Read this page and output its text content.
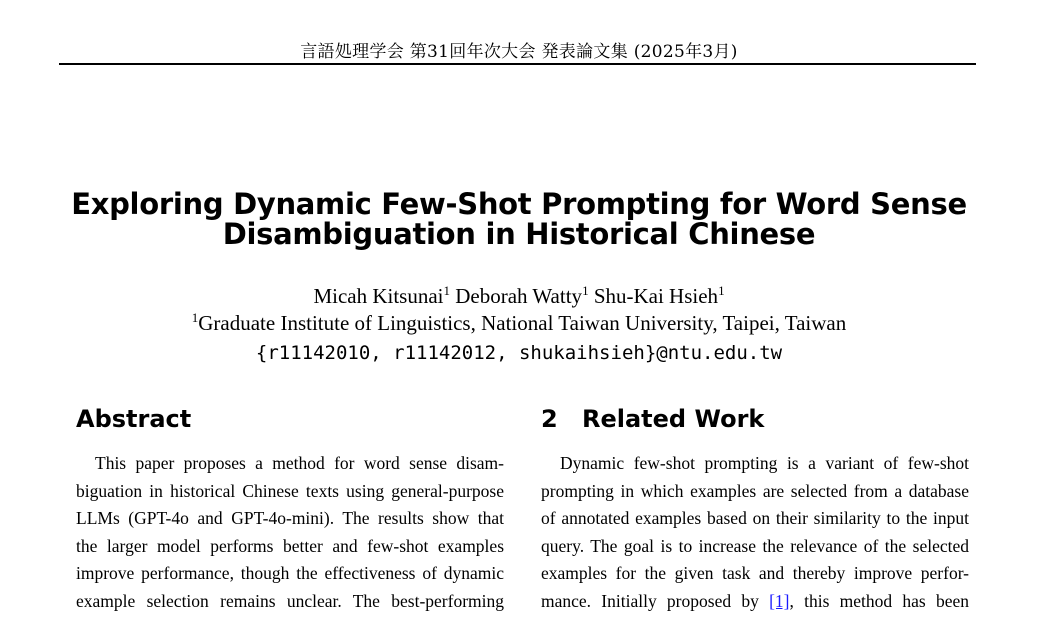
言語処理学会 第31回年次大会 発表論文集 (2025年3月)
Exploring Dynamic Few-Shot Prompting for Word Sense
Disambiguation in Historical Chinese
Micah Kitsunai$^1$ Deborah Watty$^1$ Shu-Kai Hsieh$^1$
$^1$Graduate Institute of Linguistics, National Taiwan University, Taipei, Taiwan
{r11142010, r11142012, shukaihsieh}@ntu.edu.tw
Abstract	2 Related Work
This paper proposes a method for word sense disam-
biguation in historical Chinese texts using general-purpose
LLMs (GPT-4o and GPT-4o-mini). The results show that
the larger model performs better and few-shot examples
improve performance, though the effectiveness of dynamic
example selection remains unclear. The best-performing
Dynamic few-shot prompting is a variant of few-shot
prompting in which examples are selected from a database
of annotated examples based on their similarity to the input
query. The goal is to increase the relevance of the selected
examples for the given task and thereby improve perfor-
mance. Initially proposed by [1], this method has been
